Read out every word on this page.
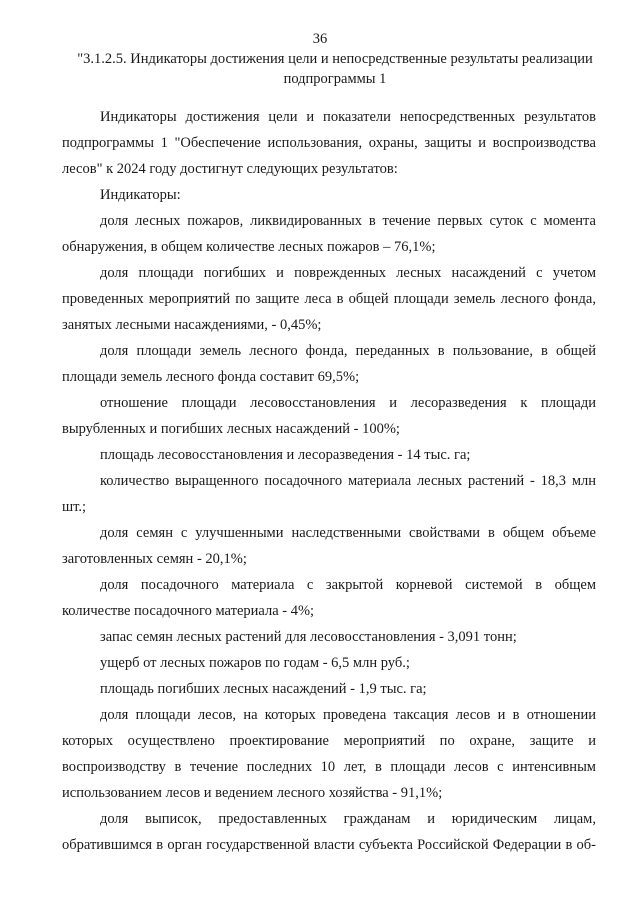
36
"3.1.2.5. Индикаторы достижения цели и непосредственные результаты реализации подпрограммы 1

Индикаторы достижения цели и показатели непосредственных результатов подпрограммы 1 "Обеспечение использования, охраны, защиты и воспроизводства лесов" к 2024 году достигнут следующих результатов:

Индикаторы:

доля лесных пожаров, ликвидированных в течение первых суток с момента обнаружения, в общем количестве лесных пожаров – 76,1%;

доля площади погибших и поврежденных лесных насаждений с учетом проведенных мероприятий по защите леса в общей площади земель лесного фонда, занятых лесными насаждениями, - 0,45%;

доля площади земель лесного фонда, переданных в пользование, в общей площади земель лесного фонда составит 69,5%;

отношение площади лесовосстановления и лесоразведения к площади вырубленных и погибших лесных насаждений - 100%;

площадь лесовосстановления и лесоразведения - 14 тыс. га;

количество выращенного посадочного материала лесных растений - 18,3 млн шт.;

доля семян с улучшенными наследственными свойствами в общем объеме заготовленных семян - 20,1%;

доля посадочного материала с закрытой корневой системой в общем количестве посадочного материала - 4%;

запас семян лесных растений для лесовосстановления - 3,091 тонн;

ущерб от лесных пожаров по годам - 6,5 млн руб.;

площадь погибших лесных насаждений - 1,9 тыс. га;

доля площади лесов, на которых проведена таксация лесов и в отношении которых осуществлено проектирование мероприятий по охране, защите и воспроизводству в течение последних 10 лет, в площади лесов с интенсивным использованием лесов и ведением лесного хозяйства - 91,1%;

доля выписок, предоставленных гражданам и юридическим лицам, обратившимся в орган государственной власти субъекта Российской Федерации в об-
